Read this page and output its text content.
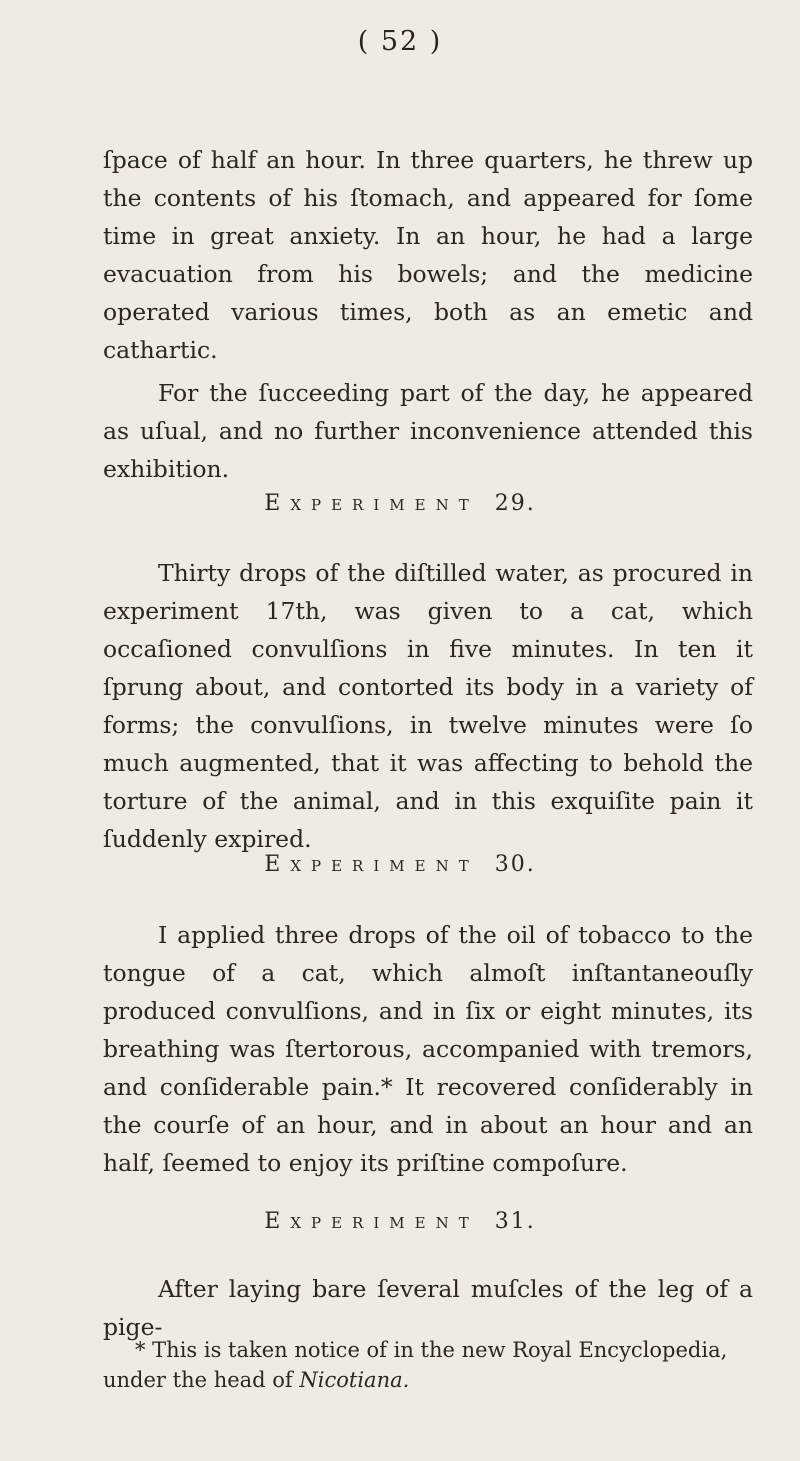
( 52 )

ſpace of half an hour. In three quarters, he threw up the contents of his ſtomach, and appeared for ſome time in great anxiety. In an hour, he had a large evacuation from his bowels; and the medicine operated various times, both as an emetic and cathartic.

For the ſucceeding part of the day, he appeared as uſual, and no further inconvenience attended this exhibition.

Experiment 29.

Thirty drops of the diſtilled water, as procured in experiment 17th, was given to a cat, which occaſioned convulſions in five minutes. In ten it ſprung about, and contorted its body in a variety of forms; the convulſions, in twelve minutes were ſo much augmented, that it was affecting to behold the torture of the animal, and in this exquiſite pain it ſuddenly expired.

Experiment 30.

I applied three drops of the oil of tobacco to the tongue of a cat, which almoſt inſtantaneouſly produced convulſions, and in ſix or eight minutes, its breathing was ſtertorous, accompanied with tremors, and conſiderable pain.* It recovered conſiderably in the courſe of an hour, and in about an hour and an half, ſeemed to enjoy its priſtine compoſure.

Experiment 31.

After laying bare ſeveral muſcles of the leg of a pige-

* This is taken notice of in the new Royal Encyclopedia, under the head of Nicotiana.
